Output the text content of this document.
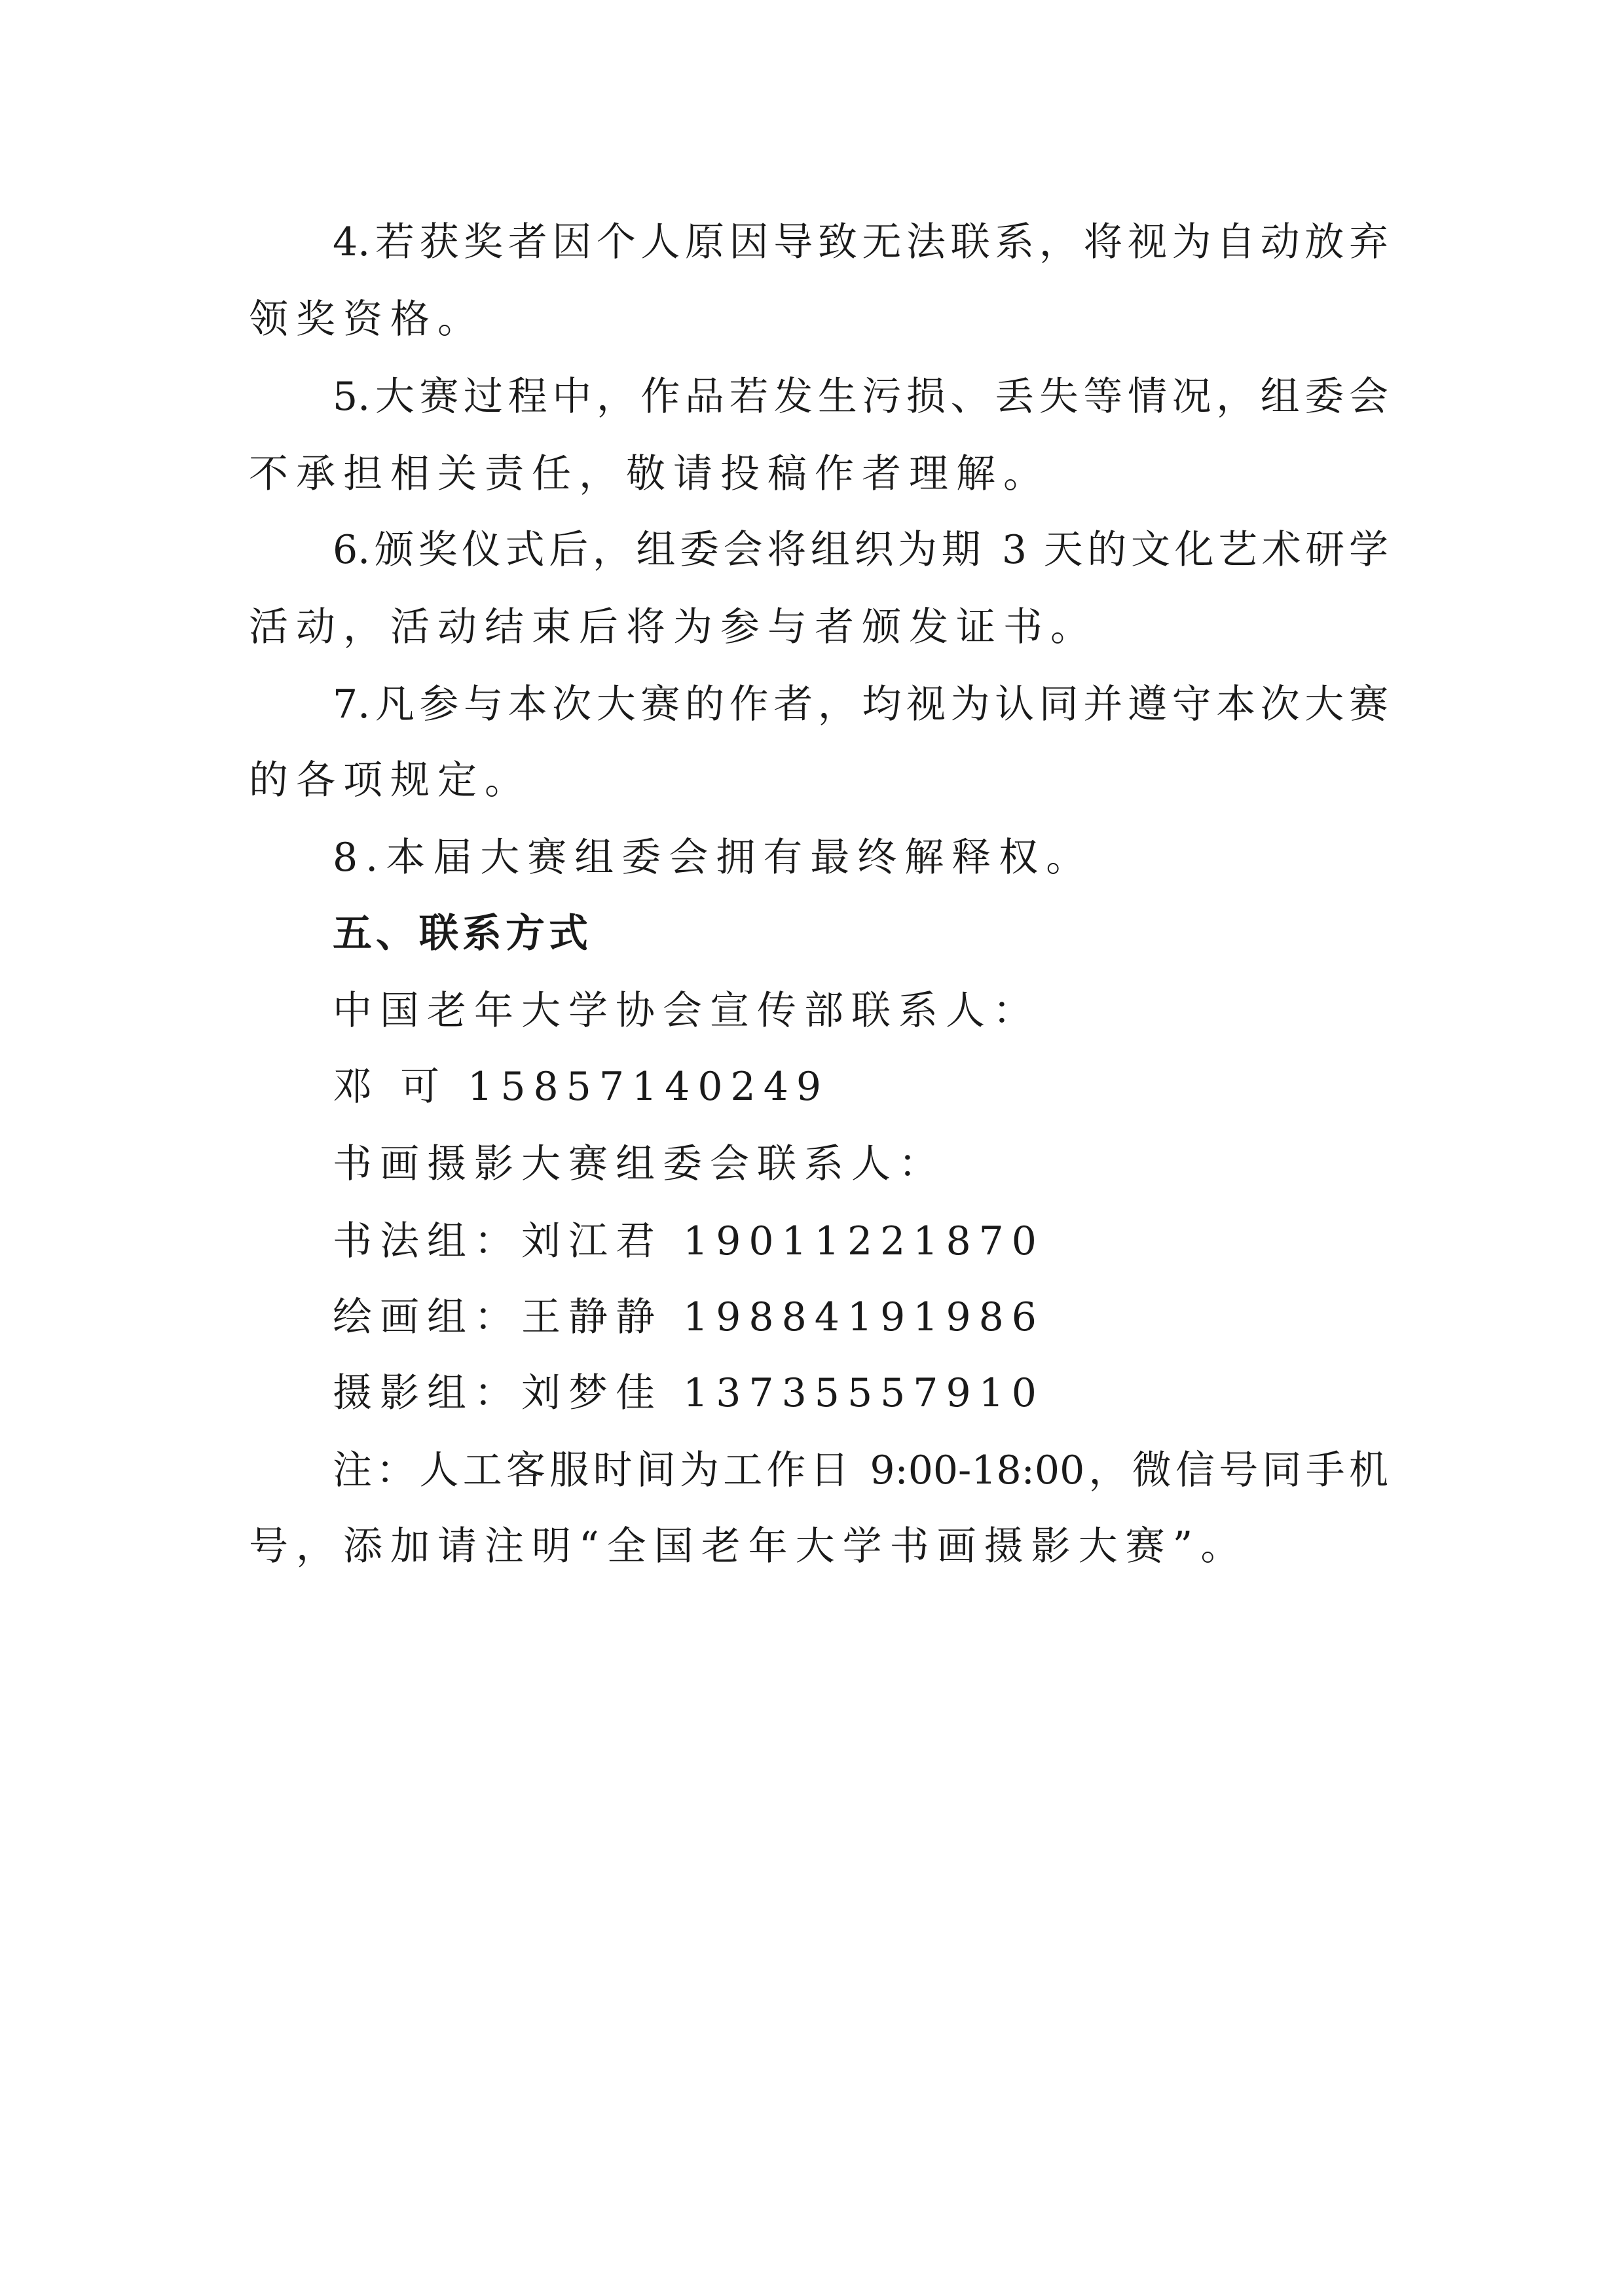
4.若获奖者因个人原因导致无法联系，将视为自动放弃
领奖资格。
5.大赛过程中，作品若发生污损、丢失等情况，组委会
不承担相关责任，敬请投稿作者理解。
6.颁奖仪式后，组委会将组织为期 3 天的文化艺术研学
活动，活动结束后将为参与者颁发证书。
7.凡参与本次大赛的作者，均视为认同并遵守本次大赛
的各项规定。
8.本届大赛组委会拥有最终解释权。
五、联系方式
中国老年大学协会宣传部联系人：
邓 可 15857140249
书画摄影大赛组委会联系人：
书法组：刘江君 19011221870
绘画组：王静静 19884191986
摄影组：刘梦佳 13735557910
注：人工客服时间为工作日 9:00-18:00，微信号同手机
号，添加请注明“全国老年大学书画摄影大赛”。
